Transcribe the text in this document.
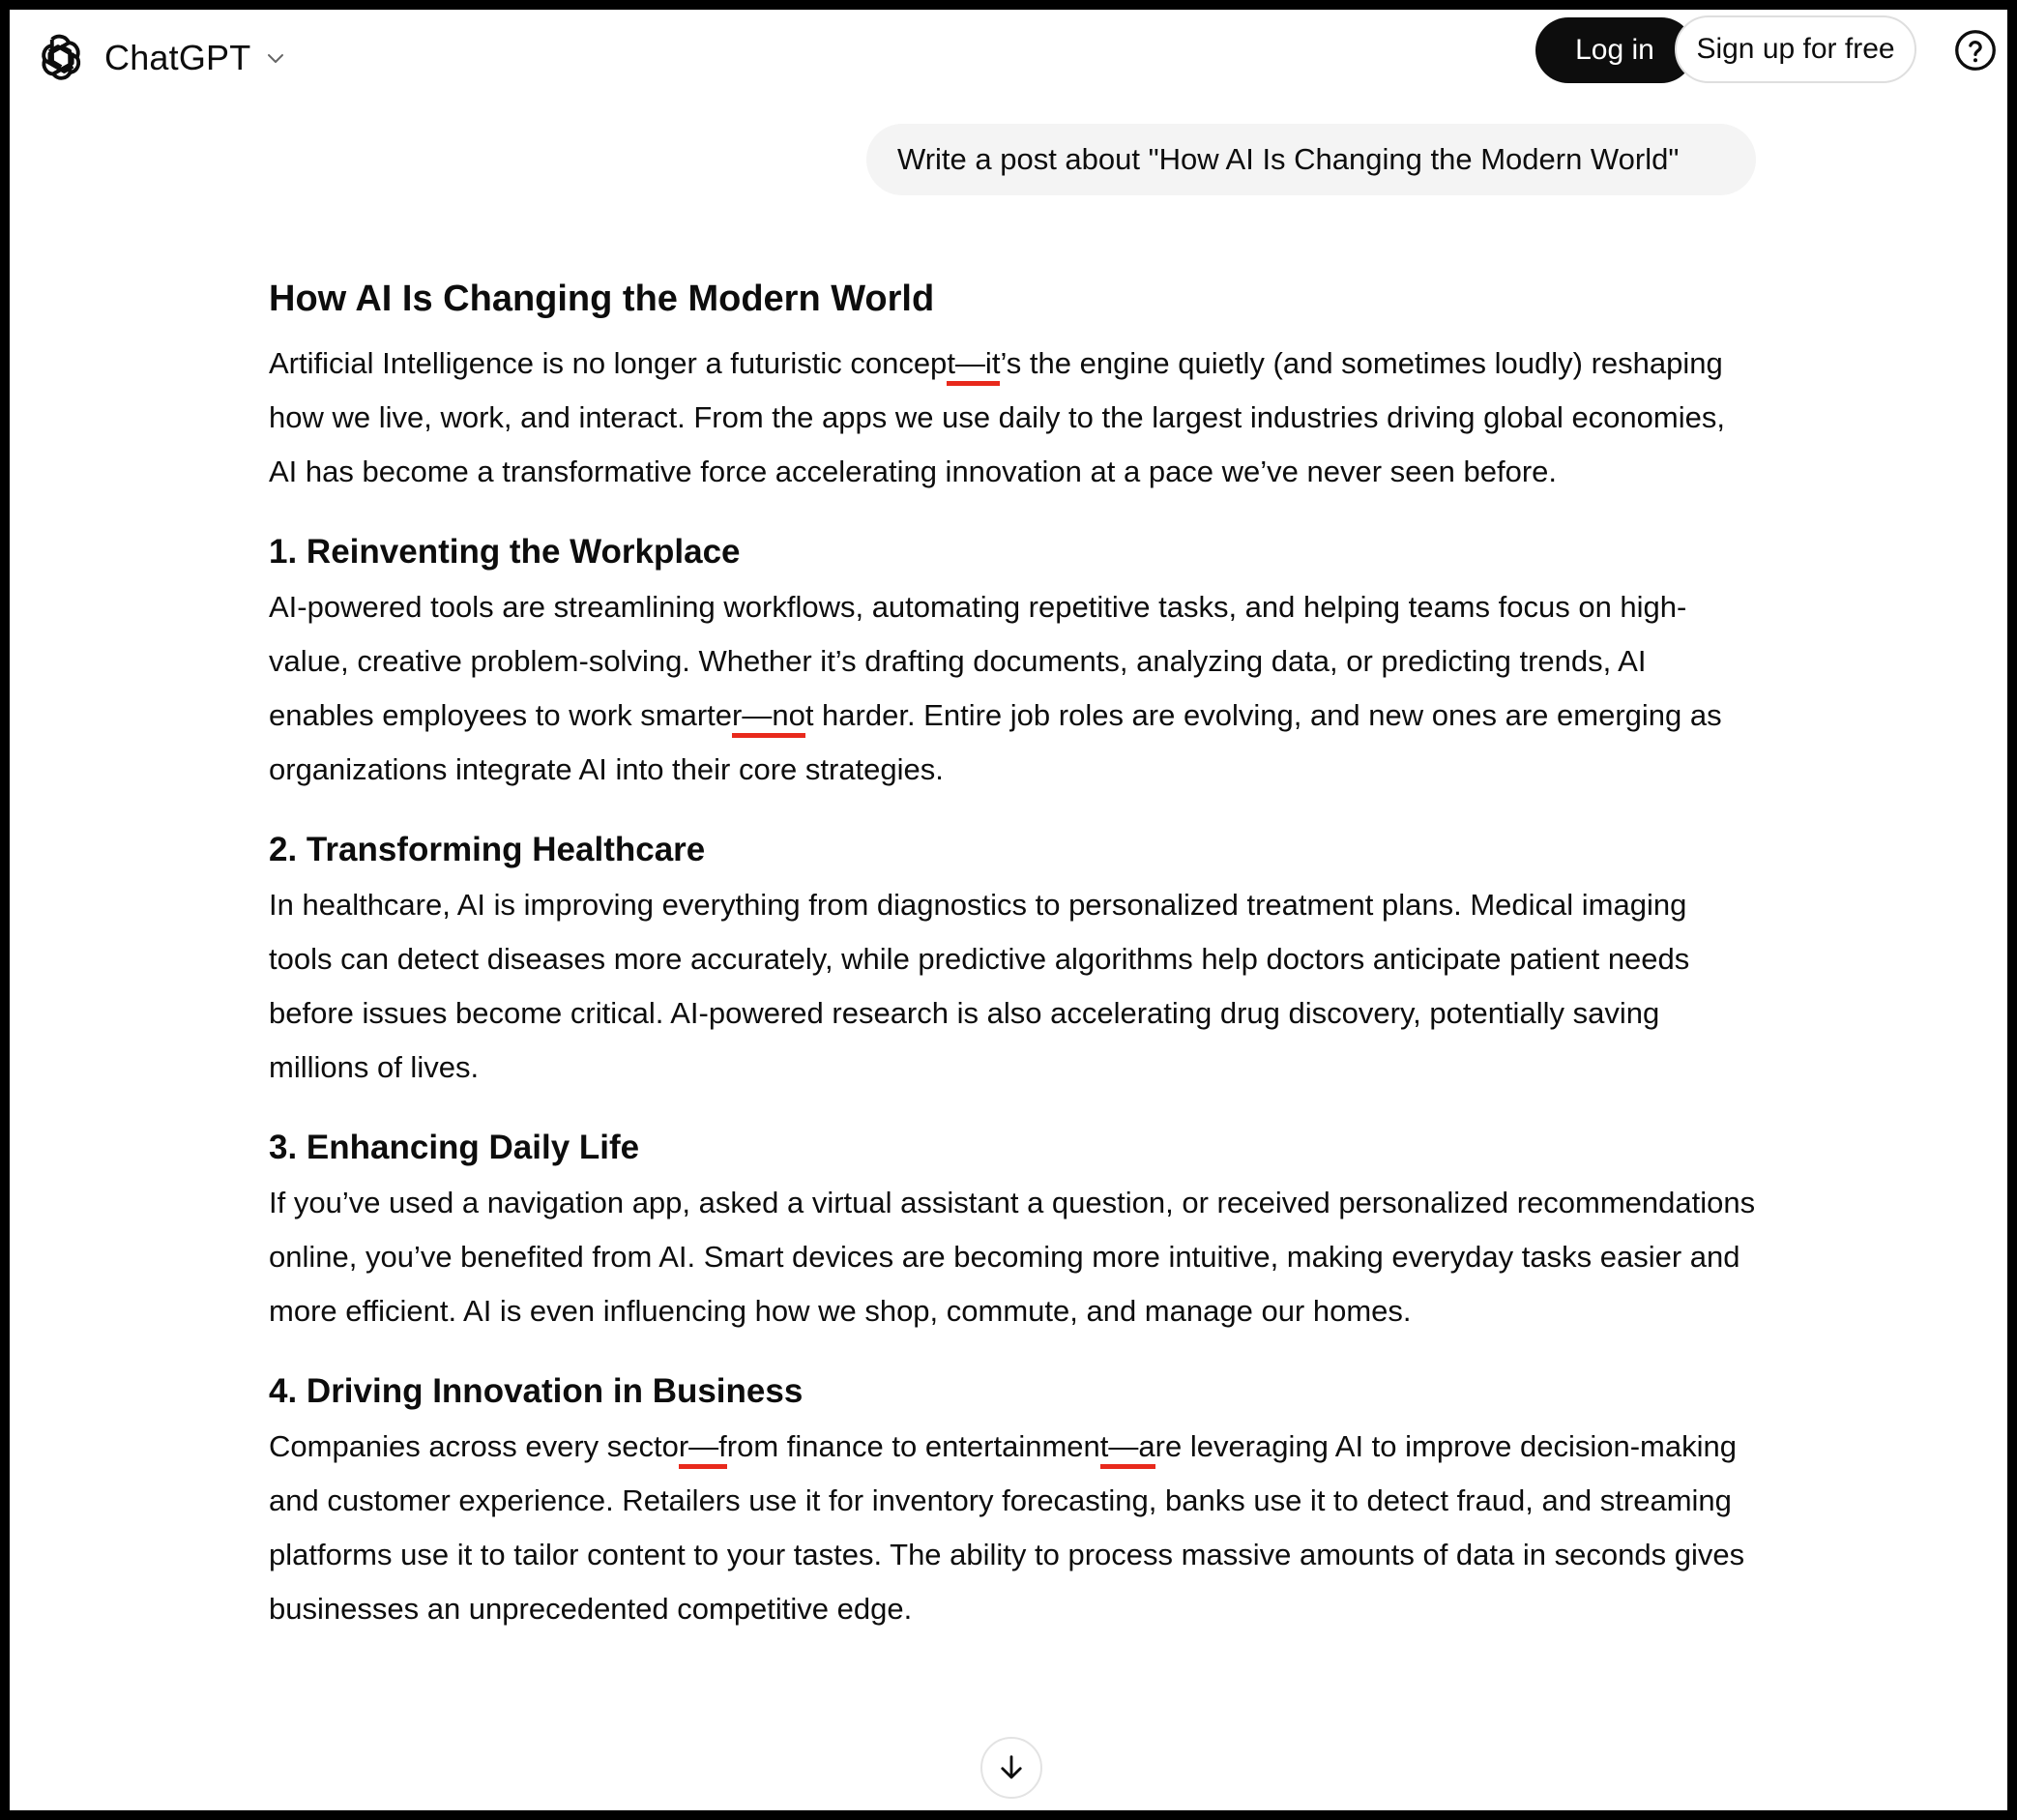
ChatGPT	Log in	Sign up for free
Write a post about "How AI Is Changing the Modern World"
How AI Is Changing the Modern World

Artificial Intelligence is no longer a futuristic concept—it’s the engine quietly (and sometimes loudly) reshaping how we live, work, and interact. From the apps we use daily to the largest industries driving global economies, AI has become a transformative force accelerating innovation at a pace we’ve never seen before.

1. Reinventing the Workplace

AI-powered tools are streamlining workflows, automating repetitive tasks, and helping teams focus on high-value, creative problem-solving. Whether it’s drafting documents, analyzing data, or predicting trends, AI enables employees to work smarter—not harder. Entire job roles are evolving, and new ones are emerging as organizations integrate AI into their core strategies.

2. Transforming Healthcare

In healthcare, AI is improving everything from diagnostics to personalized treatment plans. Medical imaging tools can detect diseases more accurately, while predictive algorithms help doctors anticipate patient needs before issues become critical. AI-powered research is also accelerating drug discovery, potentially saving millions of lives.

3. Enhancing Daily Life

If you’ve used a navigation app, asked a virtual assistant a question, or received personalized recommendations online, you’ve benefited from AI. Smart devices are becoming more intuitive, making everyday tasks easier and more efficient. AI is even influencing how we shop, commute, and manage our homes.

4. Driving Innovation in Business

Companies across every sector—from finance to entertainment—are leveraging AI to improve decision-making and customer experience. Retailers use it for inventory forecasting, banks use it to detect fraud, and streaming platforms use it to tailor content to your tastes. The ability to process massive amounts of data in seconds gives businesses an unprecedented competitive edge.
